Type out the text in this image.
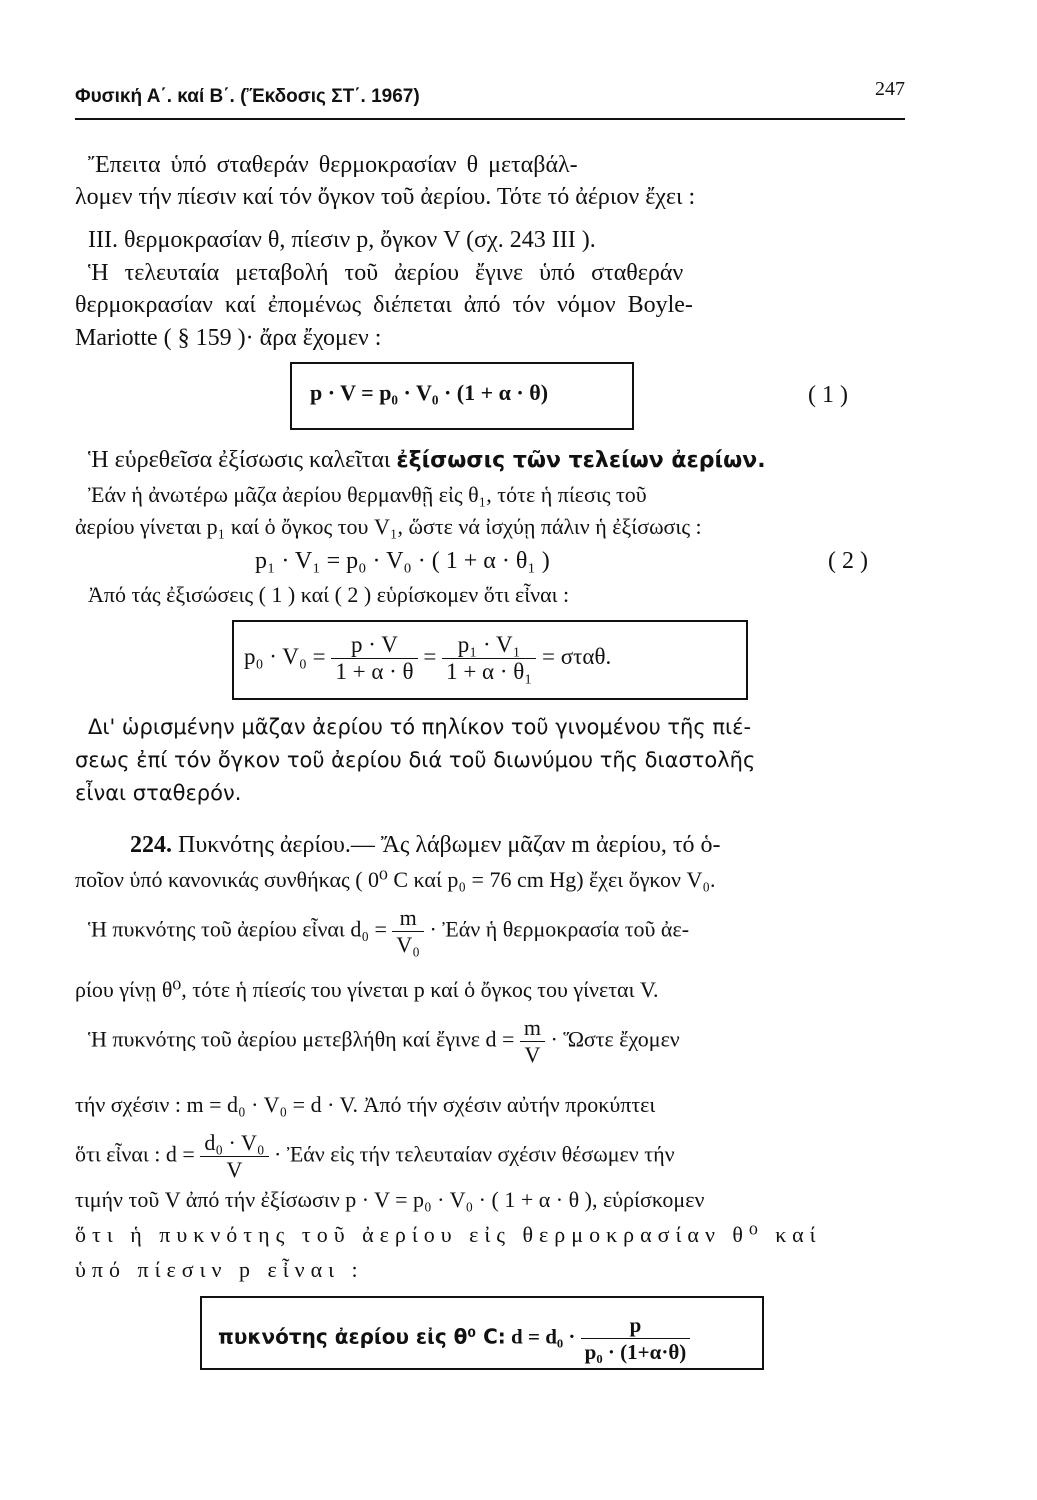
Φυσική Α΄. καί Β΄. (Ἔκδοσις ΣΤ΄. 1967)	247
Ἔπειτα ὑπό σταθεράν θερμοκρασίαν θ μεταβάλ-
λομεν τήν πίεσιν καί τόν ὄγκον τοῦ ἀερίου. Τότε τό ἀέριον ἔχει :
III. θερμοκρασίαν θ, πίεσιν p, ὄγκον V (σχ. 243 III ).
Ἡ τελευταία μεταβολή τοῦ ἀερίου ἔγινε ὑπό σταθεράν
θερμοκρασίαν καί ἐπομένως διέπεται ἀπό τόν νόμον Boyle-
Mariotte ( § 159 )· ἄρα ἔχομεν :
p · V = p₀ · V₀ · (1 + α · θ)	( 1 )
Ἡ εὑρεθεῖσα ἐξίσωσις καλεῖται ἐξίσωσις τῶν τελείων ἀερίων.
Ἐάν ἡ ἀνωτέρω μᾶζα ἀερίου θερμανθῇ εἰς θ₁, τότε ἡ πίεσις τοῦ
ἀερίου γίνεται p₁ καί ὁ ὄγκος του V₁, ὥστε νά ἰσχύῃ πάλιν ἡ ἐξίσωσις :
p₁ · V₁ = p₀ · V₀ · ( 1 + α · θ₁ )	( 2 )
Ἀπό τάς ἐξισώσεις ( 1 ) καί ( 2 ) εὑρίσκομεν ὅτι εἶναι :
$p_0 \cdot V_0 = \frac{p \cdot V}{1 + \alpha \cdot \theta} = \frac{\text{p₁ · V₁}}{\text{1 + α · θ₁}} = \sigma\tau\alpha\theta$.
Δι' ὡρισμένην μᾶζαν ἀερίου τό πηλίκον τοῦ γινομένου τῆς πιέ-
σεως ἐπί τόν ὄγκον τοῦ ἀερίου διά τοῦ διωνύμου τῆς διαστολῆς
εἶναι σταθερόν.
224. Πυκνότης ἀερίου.— Ἄς λάβωμεν μᾶζαν m ἀερίου, τό ὁ-
ποῖον ὑπό κανονικάς συνθήκας ( 0⁰ C καί p₀ = 76 cm Hg) ἔχει ὄγκον V₀.
Ἡ πυκνότης τοῦ ἀερίου εἶναι $d_0 = \frac{m}{\text{V₀}}$ · Ἐάν ἡ θερμοκρασία τοῦ ἀε-
ρίου γίνῃ θ⁰, τότε ἡ πίεσίς του γίνεται p καί ὁ ὄγκος του γίνεται V.
Ἡ πυκνότης τοῦ ἀερίου μετεβλήθη καί ἔγινε $d = \frac{m}{V}$ · Ὥστε ἔχομεν
τήν σχέσιν : m = d₀ · V₀ = d · V. Ἀπό τήν σχέσιν αὐτήν προκύπτει
ὅτι εἶναι : $d = \frac{\text{d₀ · V₀}}{V}$ · Ἐάν εἰς τήν τελευταίαν σχέσιν θέσωμεν τήν
τιμήν τοῦ V ἀπό τήν ἐξίσωσιν p · V = p₀ · V₀ · ( 1 + α · θ ), εὑρίσκομεν
ὅτι ἡ πυκνότης τοῦ ἀερίου εἰς θερμοκρασίαν θ⁰ καί
ὑπό πίεσιν p εἶναι :
πυκνότης ἀερίου εἰς θ⁰ C: $d = d_0 \cdot \frac{p}{\text{p₀ · (1+α·θ)}}$
